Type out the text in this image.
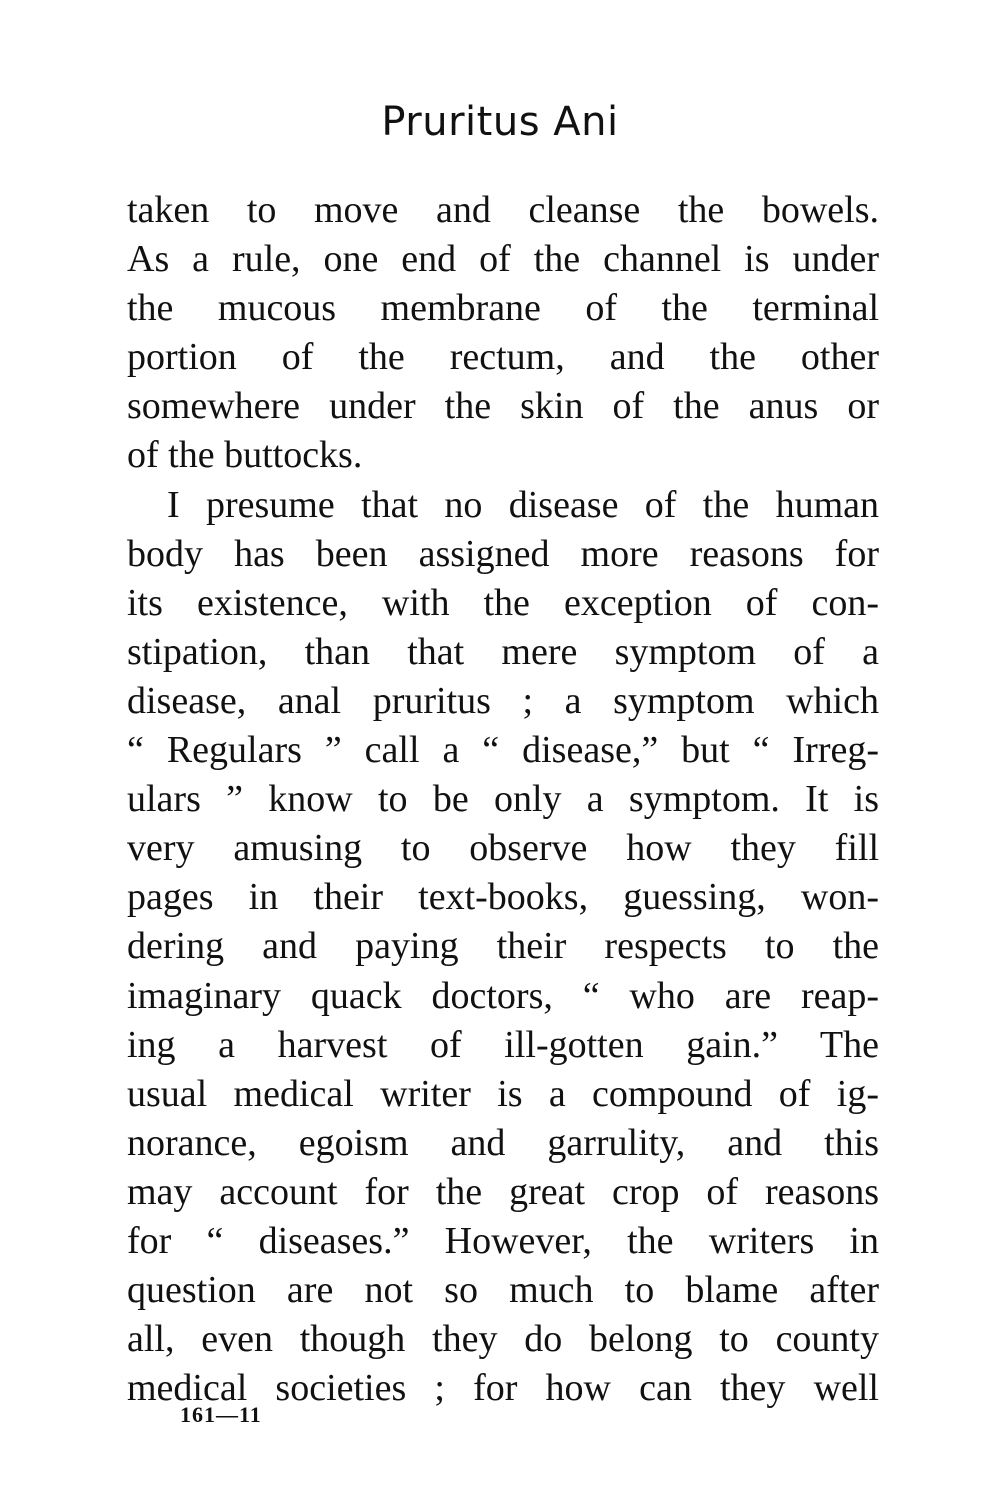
Pruritus Ani
taken to move and cleanse the bowels.
As a rule, one end of the channel is under
the mucous membrane of the terminal
portion of the rectum, and the other
somewhere under the skin of the anus or
of the buttocks.
I presume that no disease of the human
body has been assigned more reasons for
its existence, with the exception of con-
stipation, than that mere symptom of a
disease, anal pruritus ; a symptom which
“ Regulars ” call a “ disease,” but “ Irreg-
ulars ” know to be only a symptom. It is
very amusing to observe how they fill
pages in their text-books, guessing, won-
dering and paying their respects to the
imaginary quack doctors, “ who are reap-
ing a harvest of ill-gotten gain.” The
usual medical writer is a compound of ig-
norance, egoism and garrulity, and this
may account for the great crop of reasons
for “ diseases.” However, the writers in
question are not so much to blame after
all, even though they do belong to county
medical societies ; for how can they well
161—11
